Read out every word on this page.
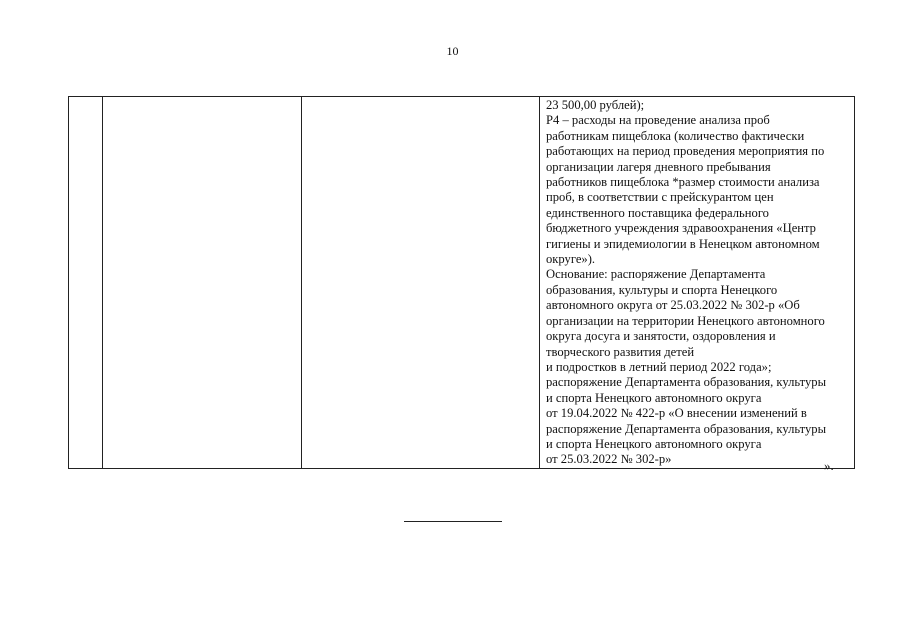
10

23 500,00 рублей);
Р4 – расходы на проведение анализа проб
работникам пищеблока (количество фактически
работающих на период проведения мероприятия по
организации лагеря дневного пребывания
работников пищеблока *размер стоимости анализа
проб, в соответствии с прейскурантом цен
единственного поставщика федерального
бюджетного учреждения здравоохранения «Центр
гигиены и эпидемиологии в Ненецком автономном
округе»).
Основание: распоряжение Департамента
образования, культуры и спорта Ненецкого
автономного округа от 25.03.2022 № 302-р «Об
организации на территории Ненецкого автономного
округа досуга и занятости, оздоровления и
творческого развития детей
и подростков в летний период 2022 года»;
распоряжение Департамента образования, культуры
и спорта Ненецкого автономного округа
от 19.04.2022 № 422-р «О внесении изменений в
распоряжение Департамента образования, культуры
и спорта Ненецкого автономного округа
от 25.03.2022 № 302-р»	».
